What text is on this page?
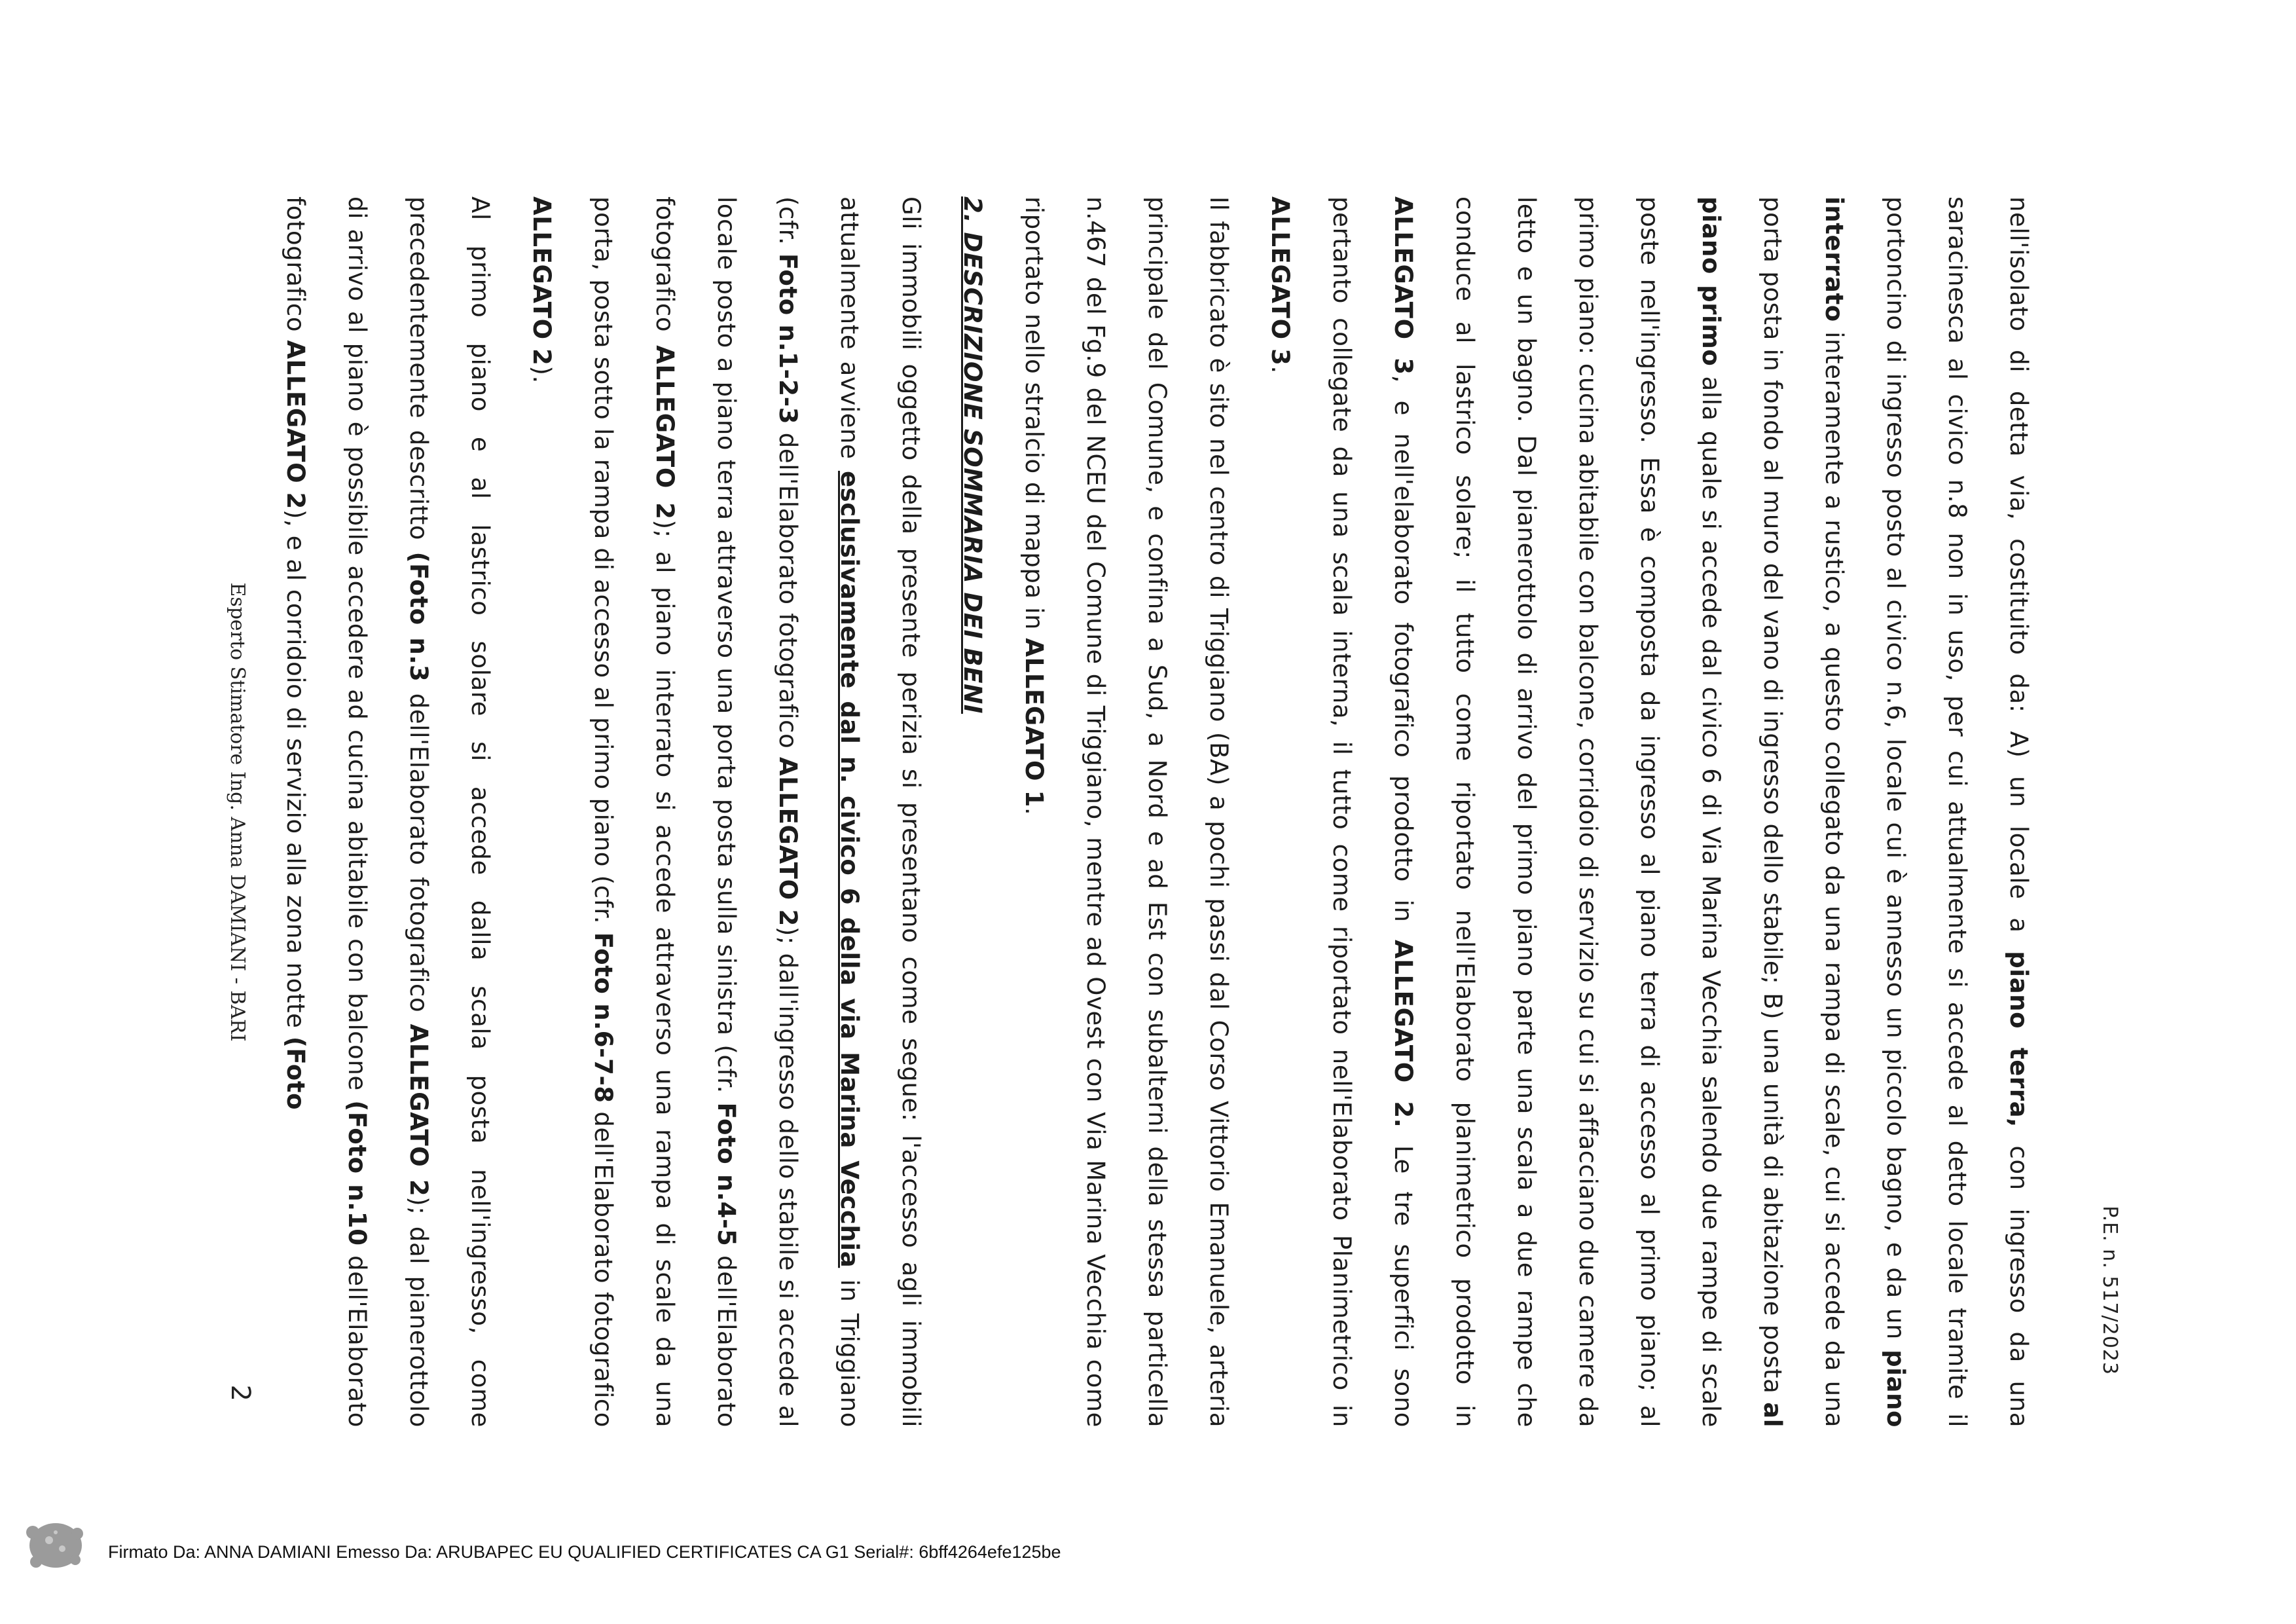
P.E. n. 517/2023

nell'isolato di detta via, costituito da: A) un locale a piano terra, con ingresso da una saracinesca al civico n.8 non in uso, per cui attualmente si accede al detto locale tramite il portoncino di ingresso posto al civico n.6, locale cui è annesso un piccolo bagno, e da un piano interrato interamente a rustico, a questo collegato da una rampa di scale, cui si accede da una porta posta in fondo al muro del vano di ingresso dello stabile; B) una unità di abitazione posta al piano primo alla quale si accede dal civico 6 di Via Marina Vecchia salendo due rampe di scale poste nell'ingresso. Essa è composta da ingresso al piano terra di accesso al primo piano; al primo piano: cucina abitabile con balcone, corridoio di servizio su cui si affacciano due camere da letto e un bagno. Dal pianerottolo di arrivo del primo piano parte una scala a due rampe che conduce al lastrico solare; il tutto come riportato nell'Elaborato planimetrico prodotto in ALLEGATO 3, e nell'elaborato fotografico prodotto in ALLEGATO 2. Le tre superfici sono pertanto collegate da una scala interna, il tutto come riportato nell'Elaborato Planimetrico in ALLEGATO 3.

Il fabbricato è sito nel centro di Triggiano (BA) a pochi passi dal Corso Vittorio Emanuele, arteria principale del Comune, e confina a Sud, a Nord e ad Est con subalterni della stessa particella n.467 del Fg.9 del NCEU del Comune di Triggiano, mentre ad Ovest con Via Marina Vecchia come riportato nello stralcio di mappa in ALLEGATO 1.

2. DESCRIZIONE SOMMARIA DEI BENI

Gli immobili oggetto della presente perizia si presentano come segue: l'accesso agli immobili attualmente avviene esclusivamente dal n. civico 6 della via Marina Vecchia in Triggiano (cfr. Foto n.1-2-3 dell'Elaborato fotografico ALLEGATO 2); dall'ingresso dello stabile si accede al locale posto a piano terra attraverso una porta posta sulla sinistra (cfr. Foto n.4-5 dell'Elaborato fotografico ALLEGATO 2); al piano interrato si accede attraverso una rampa di scale da una porta, posta sotto la rampa di accesso al primo piano (cfr. Foto n.6-7-8 dell'Elaborato fotografico ALLEGATO 2).

Al primo piano e al lastrico solare si accede dalla scala posta nell'ingresso, come precedentemente descritto (Foto n.3 dell'Elaborato fotografico ALLEGATO 2); dal pianerottolo di arrivo al piano è possibile accedere ad cucina abitabile con balcone (Foto n.10 dell'Elaborato fotografico ALLEGATO 2), e al corridoio di servizio alla zona notte (Foto

Esperto Stimatore Ing. Anna DAMIANI - BARI
2
Firmato Da: ANNA DAMIANI Emesso Da: ARUBAPEC EU QUALIFIED CERTIFICATES CA G1 Serial#: 6bff4264efe125be
